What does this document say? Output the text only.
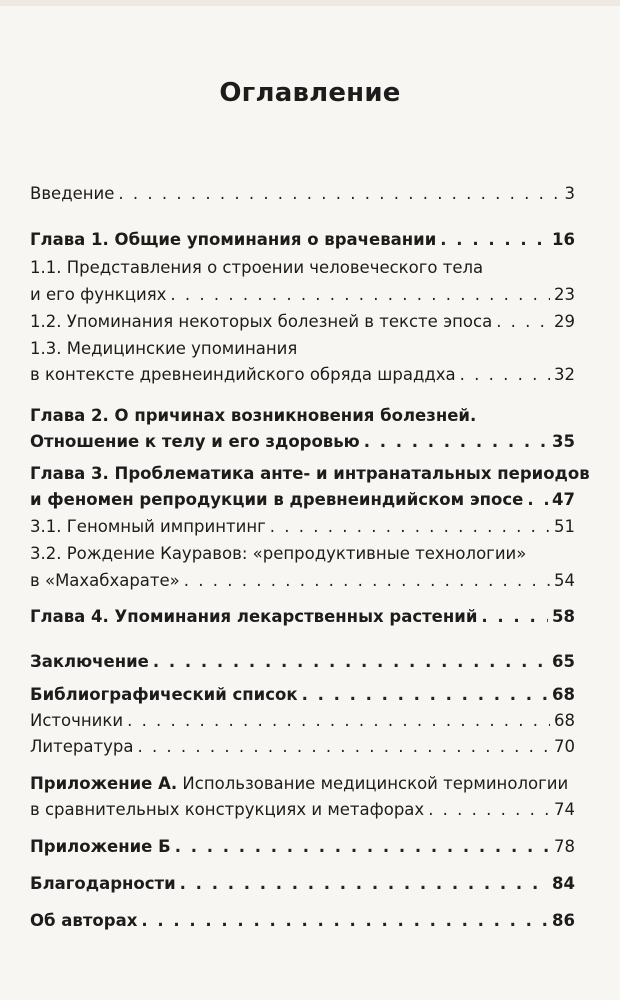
Оглавление
Введение . . .	3
Глава 1. Общие упоминания о врачевании . . .	16
1.1. Представления о строении человеческого тела
и его функциях . . .	23
1.2. Упоминания некоторых болезней в тексте эпоса . . .	29
1.3. Медицинские упоминания
в контексте древнеиндийского обряда шраддха . . .	32
Глава 2. О причинах возникновения болезней.
Отношение к телу и его здоровью . . .	35
Глава 3. Проблематика анте- и интранатальных периодов
и феномен репродукции в древнеиндийском эпосе . . . 47
3.1. Геномный импринтинг . . .	51
3.2. Рождение Кауравов: «репродуктивные технологии»
в «Махабхарате» . . .	54
Глава 4. Упоминания лекарственных растений . . .	58
Заключение . . .	65
Библиографический список . . .	68
Источники . . .	68
Литература . . .	70
Приложение А. Использование медицинской терминологии
в сравнительных конструкциях и метафорах . . .	74
Приложение Б . . .	78
Благодарности . . .	84
Об авторах . . .	86
